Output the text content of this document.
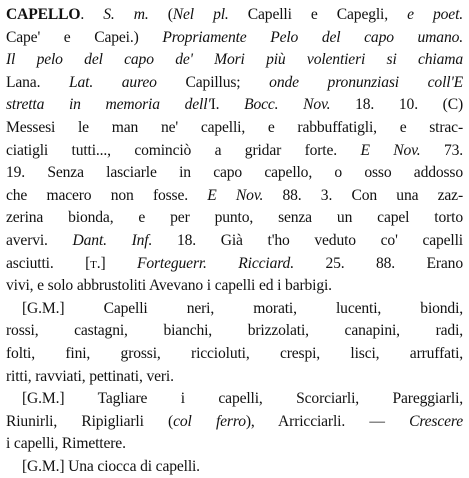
CAPELLO. S. m. (Nel pl. Capelli e Capegli, e poet.
Cape' e Capei.) Propriamente Pelo del capo umano.
Il pelo del capo de' Mori più volentieri si chiama
Lana. Lat. aureo Capillus; onde pronunziasi coll'E
stretta in memoria dell'I. Bocc. Nov. 18. 10. (C)
Messesi le man ne' capelli, e rabbuffatigli, e strac-
ciatigli tutti..., cominciò a gridar forte. E Nov. 73.
19. Senza lasciarle in capo capello, o osso addosso
che macero non fosse. E Nov. 88. 3. Con una zaz-
zerina bionda, e per punto, senza un capel torto
avervi. Dant. Inf. 18. Già t'ho veduto co' capelli
asciutti. [t.] Forteguerr. Ricciard. 25. 88. Erano
vivi, e solo abbrustoliti Avevano i capelli ed i barbigi.
[G.M.] Capelli neri, morati, lucenti, biondi,
rossi, castagni, bianchi, brizzolati, canapini, radi,
folti, fini, grossi, riccioluti, crespi, lisci, arruffati,
ritti, ravviati, pettinati, veri.
[G.M.] Tagliare i capelli, Scorciarli, Pareggiarli,
Riunirli, Ripigliarli (col ferro), Arricciarli. — Crescere
i capelli, Rimettere.
[G.M.] Una ciocca di capelli.
